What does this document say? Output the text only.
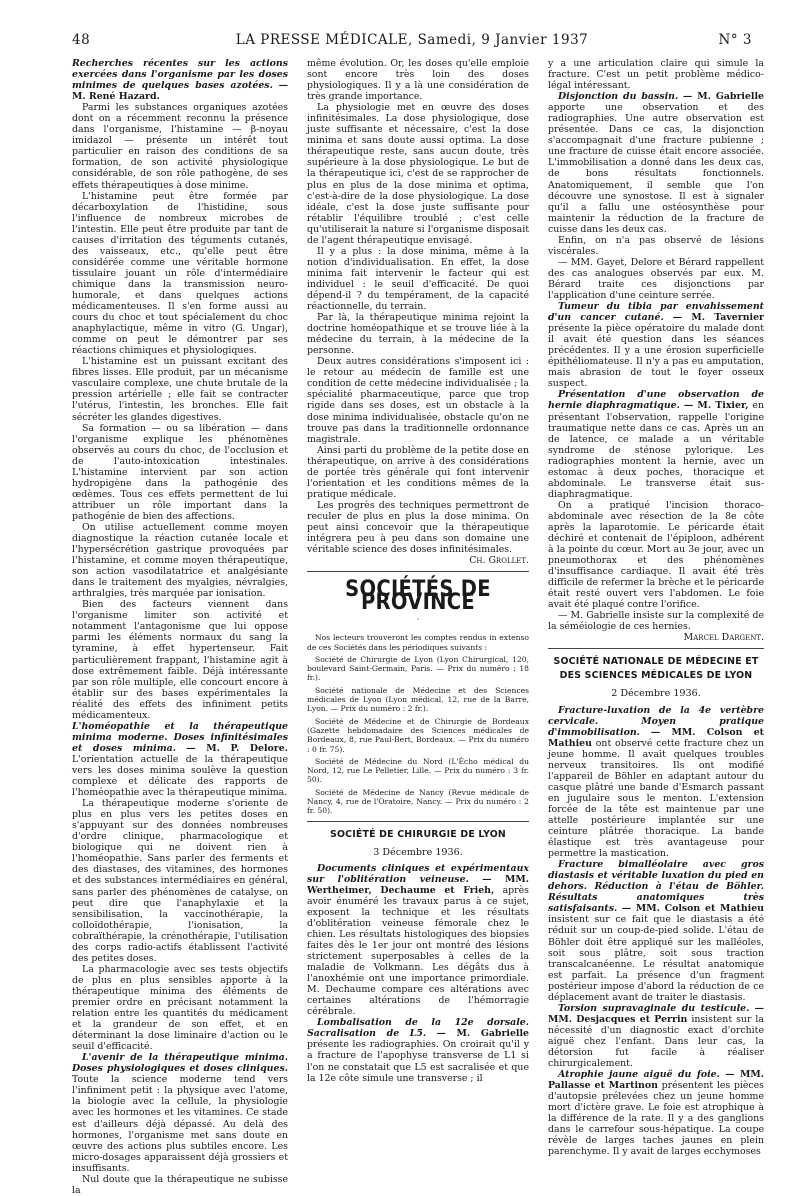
48	LA PRESSE MÉDICALE, Samedi, 9 Janvier 1937	N° 3

Recherches récentes sur les actions exercées dans l'organisme par les doses minimes de quelques bases azotées. — M. René Hazard.

Parmi les substances organiques azotées dont on a récemment reconnu la présence dans l'organisme, l'histamine — β-noyau imidazol — présente un intérêt tout particulier en raison des conditions de sa formation, de son activité physiologique considérable, de son rôle pathogène, de ses effets thérapeutiques à dose minime.

L'histamine peut être formée par décarboxylation de l'histidine, sous l'influence de nombreux microbes de l'intestin. Elle peut être produite par tant de causes d'irritation des téguments cutanés, des vaisseaux, etc., qu'elle peut être considérée comme une véritable hormone tissulaire jouant un rôle d'intermédiaire chimique dans la transmission neuro-humorale, et dans quelques actions médicamenteuses. Il s'en forme aussi au cours du choc et tout spécialement du choc anaphylactique, même in vitro (G. Ungar), comme on peut le démontrer par ses réactions chimiques et physiologiques.

L'histamine est un puissant excitant des fibres lisses. Elle produit, par un mécanisme vasculaire complexe, une chute brutale de la pression artérielle ; elle fait se contracter l'utérus, l'intestin, les bronches. Elle fait sécréter les glandes digestives.

Sa formation — ou sa libération — dans l'organisme explique les phénomènes observés au cours du choc, de l'occlusion et de l'auto-intoxication intestinales. L'histamine intervient par son action hydropigène dans la pathogénie des œdèmes. Tous ces effets permettent de lui attribuer un rôle important dans la pathogénie de bien des affections.

On utilise actuellement comme moyen diagnostique la réaction cutanée locale et l'hypersécrétion gastrique provoquées par l'histamine, et comme moyen thérapeutique, son action vasodilatatrice et analgésiante dans le traitement des myalgies, névralgies, arthralgies, très marquée par ionisation.

Bien des facteurs viennent dans l'organisme limiter son activité et notamment l'antagonisme que lui oppose parmi les éléments normaux du sang la tyramine, à effet hypertenseur. Fait particulièrement frappant, l'histamine agit à dose extrêmement faible. Déjà intéressante par son rôle multiple, elle concourt encore à établir sur des bases expérimentales la réalité des effets des infiniment petits médicamenteux.

L'homéopathie et la thérapeutique minima moderne. Doses infinitésimales et doses minima. — M. P. Delore. L'orientation actuelle de la thérapeutique vers les doses minima soulève la question complexe et délicate des rapports de l'homéopathie avec la thérapeutique minima.

La thérapeutique moderne s'oriente de plus en plus vers les petites doses en s'appuyant sur des données nombreuses d'ordre clinique, pharmacologique et biologique qui ne doivent rien à l'homéopathie. Sans parler des ferments et des diastases, des vitamines, des hormones et des substances intermédiaires en général, sans parler des phénomènes de catalyse, on peut dire que l'anaphylaxie et la sensibilisation, la vaccinothérapie, la colloïdothérapie, l'ionisation, la cobraïthérapie, la crénothérapie, l'utilisation des corps radio-actifs établissent l'activité des petites doses.

La pharmacologie avec ses tests objectifs de plus en plus sensibles apporte à la thérapeutique minima des éléments de premier ordre en précisant notamment la relation entre les quantités du médicament et la grandeur de son effet, et en déterminant la dose liminaire d'action ou le seuil d'efficacité.

L'avenir de la thérapeutique minima. Doses physiologiques et doses cliniques. Toute la science moderne tend vers l'infiniment petit : la physique avec l'atome, la biologie avec la cellule, la physiologie avec les hormones et les vitamines. Ce stade est d'ailleurs déjà dépassé. Au delà des hormones, l'organisme met sans doute en œuvre des actions plus subtiles encore. Les micro-dosages apparaissent déjà grossiers et insuffisants.

Nul doute que la thérapeutique ne subisse la

même évolution. Or, les doses qu'elle emploie sont encore très loin des doses physiologiques. Il y a là une considération de très grande importance.

La physiologie met en œuvre des doses infinitésimales. La dose physiologique, dose juste suffisante et nécessaire, c'est la dose minima et sans doute aussi optima. La dose thérapeutique reste, sans aucun doute, très supérieure à la dose physiologique. Le but de la thérapeutique ici, c'est de se rapprocher de plus en plus de la dose minima et optima, c'est-à-dire de la dose physiologique. La dose idéale, c'est la dose juste suffisante pour rétablir l'équilibre troublé ; c'est celle qu'utiliserait la nature si l'organisme disposait de l'agent thérapeutique envisagé.

Il y a plus : la dose minima, même à la notion d'individualisation. En effet, la dose minima fait intervenir le facteur qui est individuel : le seuil d'efficacité. De quoi dépend-il ? du tempérament, de la capacité réactionnelle, du terrain.

Par là, la thérapeutique minima rejoint la doctrine homéopathique et se trouve liée à la médecine du terrain, à la médecine de la personne.

Deux autres considérations s'imposent ici : le retour au médecin de famille est une condition de cette médecine individualisée ; la spécialité pharmaceutique, parce que trop rigide dans ses doses, est un obstacle à la dose minima individualisée, obstacle qu'on ne trouve pas dans la traditionnelle ordonnance magistrale.

Ainsi parti du problème de la petite dose en thérapeutique, on arrive à des considérations de portée très générale qui font intervenir l'orientation et les conditions mêmes de la pratique médicale.

Les progrès des techniques permettront de reculer de plus en plus la dose minima. On peut ainsi concevoir que la thérapeutique intégrera peu à peu dans son domaine une véritable science des doses infinitésimales.

Ch. Grollet.

SOCIÉTÉS DE PROVINCE
·

Nos lecteurs trouveront les comptes rendus in extenso de ces Sociétés dans les périodiques suivants :

Société de Chirurgie de Lyon (Lyon Chirurgical, 120, boulevard Saint-Germain, Paris. — Prix du numéro : 18 fr.).

Société nationale de Médecine et des Sciences médicales de Lyon (Lyon médical, 12, rue de la Barre, Lyon. — Prix du numéro : 2 fr.).

Société de Médecine et de Chirurgie de Bordeaux (Gazette hebdomadaire des Sciences médicales de Bordeaux, 8, rue Paul-Bert, Bordeaux. — Prix du numéro : 0 fr. 75).

Société de Médecine du Nord (L'Écho médical du Nord, 12, rue Le Pelletier, Lille. — Prix du numéro : 3 fr. 50).

Société de Médecine de Nancy (Revue médicale de Nancy, 4, rue de l'Oratoire, Nancy. — Prix du numéro : 2 fr. 50).

SOCIÉTÉ DE CHIRURGIE DE LYON
3 Décembre 1936.

Documents cliniques et expérimentaux sur l'oblitération veineuse. — MM. Wertheimer, Dechaume et Frieh, après avoir énuméré les travaux parus à ce sujet, exposent la technique et les résultats d'oblitération veineuse fémorale chez le chien. Les résultats histologiques des biopsies faites dès le 1er jour ont montré des lésions strictement superposables à celles de la maladie de Volkmann. Les dégâts dus à l'anoxhémie ont une importance primordiale. M. Dechaume compare ces altérations avec certaines altérations de l'hémorragie cérébrale.

Lombalisation de la 12e dorsale. Sacralisation de L5. — M. Gabrielle présente les radiographies. On croirait qu'il y a fracture de l'apophyse transverse de L1 si l'on ne constatait que L5 est sacralisée et que la 12e côte simule une transverse ; il

y a une articulation claire qui simule la fracture. C'est un petit problème médico-légal intéressant.

Disjonction du bassin. — M. Gabrielle apporte une observation et des radiographies. Une autre observation est présentée. Dans ce cas, la disjonction s'accompagnait d'une fracture pubienne ; une fracture de cuisse était encore associée. L'immobilisation a donné dans les deux cas, de bons résultats fonctionnels. Anatomiquement, il semble que l'on découvre une synostose. Il est à signaler qu'il a fallu une ostéosynthèse pour maintenir la réduction de la fracture de cuisse dans les deux cas.

Enfin, on n'a pas observé de lésions viscérales.

— MM. Gayet, Delore et Bérard rappellent des cas analogues observés par eux. M. Bérard traite ces disjonctions par l'application d'une ceinture serrée.

Tumeur du tibia par envahissement d'un cancer cutané. — M. Tavernier présente la pièce opératoire du malade dont il avait été question dans les séances précédentes. Il y a une érosion superficielle épithéliomateuse. Il n'y a pas eu amputation, mais abrasion de tout le foyer osseux suspect.

Présentation d'une observation de hernie diaphragmatique. — M. Tixier, en présentant l'observation, rappelle l'origine traumatique nette dans ce cas. Après un an de latence, ce malade a un véritable syndrome de sténose pylorique. Les radiographies montent la hernie, avec un estomac à deux poches, thoracique et abdominale. Le transverse était sus-diaphragmatique.

On a pratiqué l'incision thoraco-abdominale avec résection de la 8e côte après la laparotomie. Le péricarde était déchiré et contenait de l'épiploon, adhérent à la pointe du cœur. Mort au 3e jour, avec un pneumothorax et des phénomènes d'insuffisance cardiaque. Il avait été très difficile de refermer la brèche et le péricarde était resté ouvert vers l'abdomen. Le foie avait été plaqué contre l'orifice.

— M. Gabrielle insiste sur la complexité de la séméiologie de ces hernies.

Marcel Dargent.

SOCIÉTÉ NATIONALE DE MÉDECINE ET DES SCIENCES MÉDICALES DE LYON
2 Décembre 1936.

Fracture-luxation de la 4e vertèbre cervicale. Moyen pratique d'immobilisation. — MM. Colson et Mathieu ont observé cette fracture chez un jeune homme. Il avait quelques troubles nerveux transitoires. Ils ont modifié l'appareil de Böhler en adaptant autour du casque plâtré une bande d'Esmarch passant en jugulaire sous le menton. L'extension forcée de la tête est maintenue par une attelle postérieure implantée sur une ceinture plâtrée thoracique. La bande élastique est très avantageuse pour permettre la mastication.

Fracture bimalléolaire avec gros diastasis et véritable luxation du pied en dehors. Réduction à l'étau de Böhler. Résultats anatomiques très satisfaisants. — MM. Colson et Mathieu insistent sur ce fait que le diastasis a été réduit sur un coup-de-pied solide. L'étau de Böhler doit être appliqué sur les malléoles, soit sous plâtre, soit sous traction transcalcanéenne. Le résultat anatomique est parfait. La présence d'un fragment postérieur impose d'abord la réduction de ce déplacement avant de traiter le diastasis.

Torsion supravaginale du testicule. — MM. Desjacques et Perrin insistent sur la nécessité d'un diagnostic exact d'orchite aiguë chez l'enfant. Dans leur cas, la détorsion fut facile à réaliser chirurgicalement.

Atrophie jaune aiguë du foie. — MM. Pallasse et Martinon présentent les pièces d'autopsie prélevées chez un jeune homme mort d'ictère grave. Le foie est atrophique à la différence de la rate. Il y a des ganglions dans le carrefour sous-hépatique. La coupe révèle de larges taches jaunes en plein parenchyme. Il y avait de larges ecchymoses
